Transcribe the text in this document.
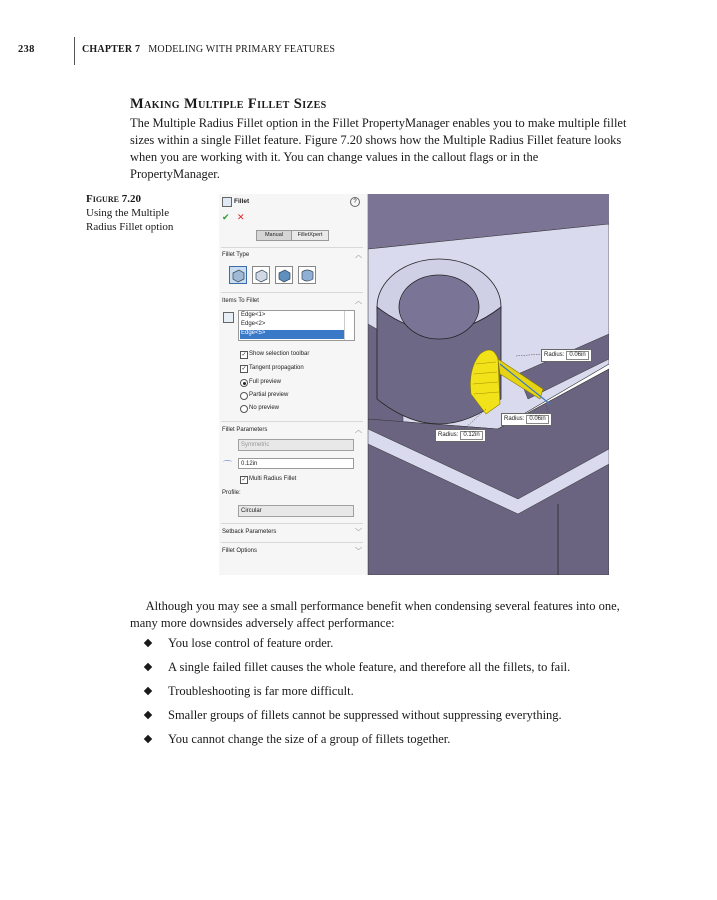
238	CHAPTER 7 MODELING WITH PRIMARY FEATURES
Making Multiple Fillet Sizes
The Multiple Radius Fillet option in the Fillet PropertyManager enables you to make multiple fillet sizes within a single Fillet feature. Figure 7.20 shows how the Multiple Radius Fillet feature looks when you are working with it. You can change values in the callout flags or in the PropertyManager.
Figure 7.20
Using the Multiple Radius Fillet option
Fillet	?
✔ ✕
Manual	FilletXpert
Fillet Type	︿
Items To Fillet	︿
Edge<1>
Edge<2>
Edge<5>
✓ Show selection toolbar
✓ Tangent propagation
Full preview
Partial preview
No preview
Fillet Parameters	︿
Symmetric
⌒	0.12in
✓ Multi Radius Fillet
Profile:
Circular
Setback Parameters	﹀
Fillet Options	﹀
Radius: 0.06in
Radius: 0.06in
Radius: 0.12in
Although you may see a small performance benefit when condensing several features into one, many more downsides adversely affect performance:
You lose control of feature order.
A single failed fillet causes the whole feature, and therefore all the fillets, to fail.
Troubleshooting is far more difficult.
Smaller groups of fillets cannot be suppressed without suppressing everything.
You cannot change the size of a group of fillets together.
